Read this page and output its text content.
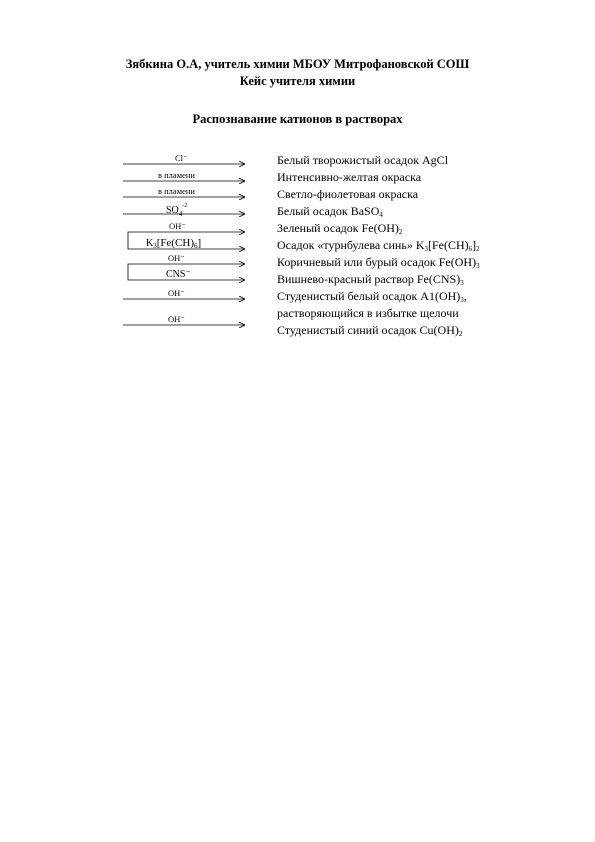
Зябкина О.А, учитель химии МБОУ Митрофановской СОШ
Кейс учителя химии
Распознавание катионов в растворах
Cl⁻
в пламени
в пламени
$SO_4^{-2}$
OH⁻
$K_3[Fe(CH)_6]$
OH⁻
CNS⁻
OH⁻
OH⁻
Белый творожистый осадок AgCl
Интенсивно-желтая окраска
Светло-фиолетовая окраска
Белый осадок BaSO$_4$
Зеленый осадок $Fe(OH)_2$
Осадок «турнбулева синь» $K_3[Fe(CH)_6]_2$
Коричневый или бурый осадок $Fe(OH)_3$
Вишнево-красный раствор $Fe(CNS)_3$
Студенистый белый осадок $A1(OH)_3$,
растворяющийся в избытке щелочи
Студенистый синий осадок $Cu(OH)_2$
